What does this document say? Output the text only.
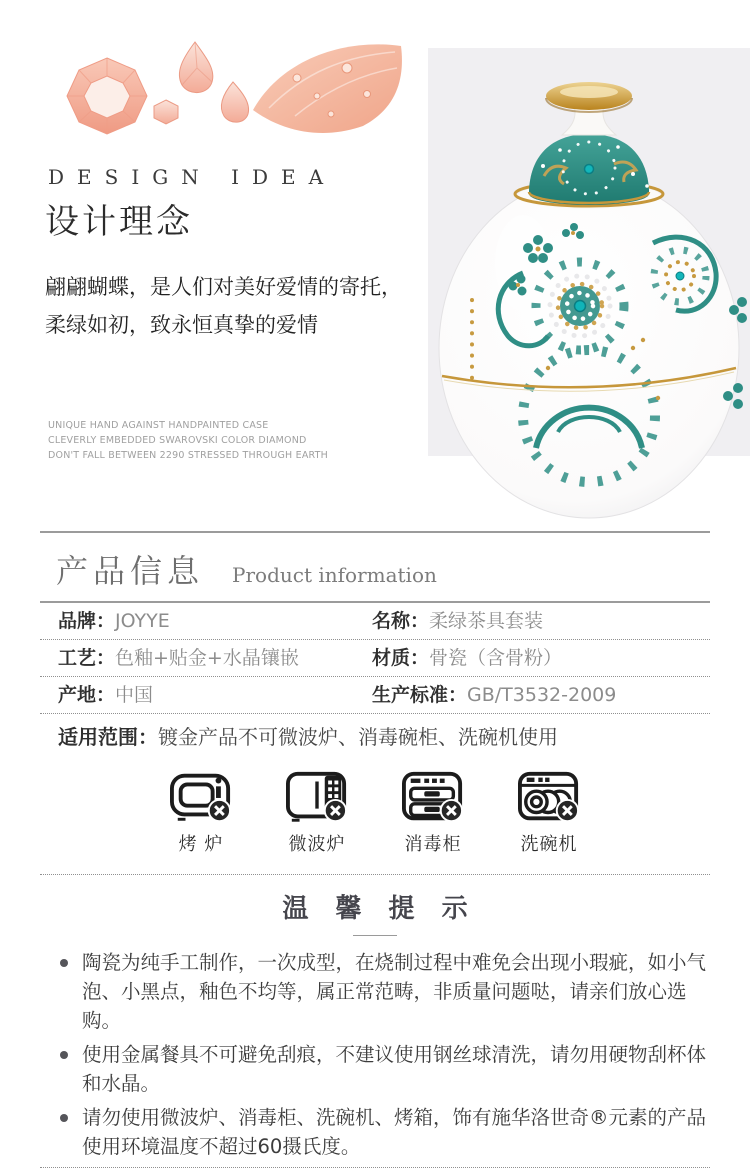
DESIGN IDEA
设计理念
翩翩蝴蝶，是人们对美好爱情的寄托，
柔绿如初，致永恒真挚的爱情
UNIQUE HAND AGAINST HANDPAINTED CASE
CLEVERLY EMBEDDED SWAROVSKI COLOR DIAMOND
DON'T FALL BETWEEN 2290 STRESSED THROUGH EARTH
产品信息 Product information
品牌： JOYYE	名称： 柔绿茶具套装
工艺： 色釉+贴金+水晶镶嵌	材质： 骨瓷（含骨粉）
产地： 中国	生产标准： GB/T3532-2009
适用范围： 镀金产品不可微波炉、消毒碗柜、洗碗机使用
烤 炉	微波炉	消毒柜	洗碗机
温 馨 提 示
陶瓷为纯手工制作，一次成型，在烧制过程中难免会出现小瑕疵，如小气泡、小黑点，釉色不均等，属正常范畴，非质量问题哒，请亲们放心选购。
使用金属餐具不可避免刮痕，不建议使用钢丝球清洗，请勿用硬物刮杯体和水晶。
请勿使用微波炉、消毒柜、洗碗机、烤箱，饰有施华洛世奇®元素的产品使用环境温度不超过60摄氏度。
